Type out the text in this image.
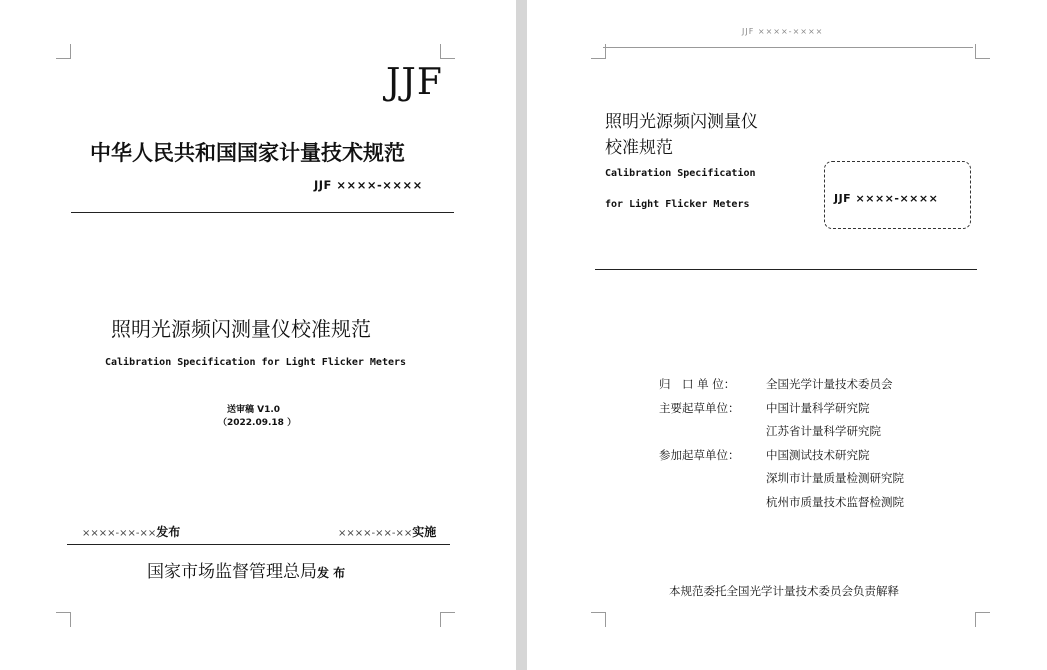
JJF
中华人民共和国国家计量技术规范
JJF ××××-××××
照明光源频闪测量仪校准规范
Calibration Specification for Light Flicker Meters
送审稿 V1.0
（2022.09.18 ）
××××-××-××发布	××××-××-××实施
国家市场监督管理总局发 布
JJF ××××-××××
照明光源频闪测量仪
校准规范
Calibration Specification
for Light Flicker Meters	JJF ××××-××××
归　口 单 位：	全国光学计量技术委员会
主要起草单位：	中国计量科学研究院
江苏省计量科学研究院
参加起草单位：	中国测试技术研究院
深圳市计量质量检测研究院
杭州市质量技术监督检测院
本规范委托全国光学计量技术委员会负责解释
